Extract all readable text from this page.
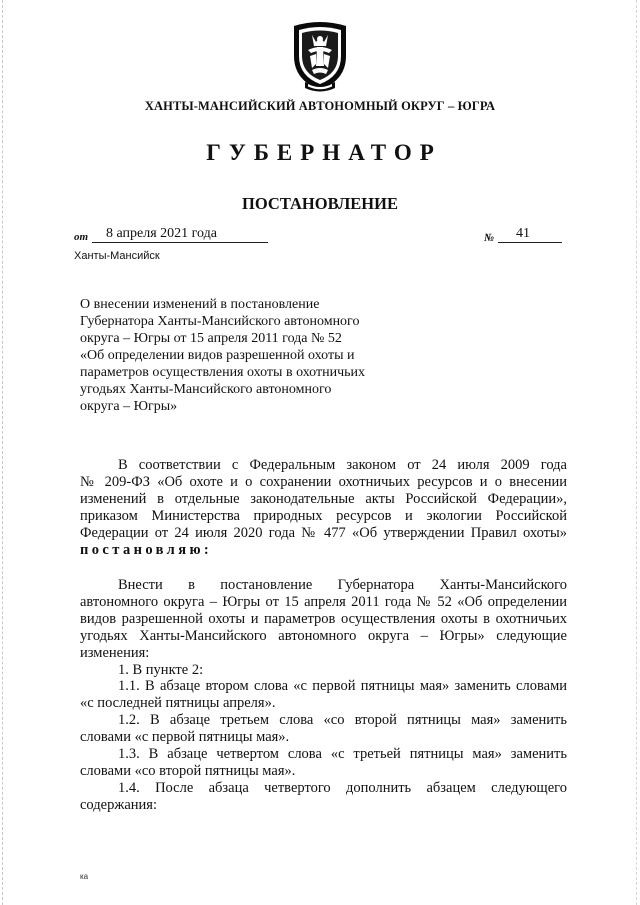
ХАНТЫ-МАНСИЙСКИЙ АВТОНОМНЫЙ ОКРУГ – ЮГРА
ГУБЕРНАТОР
ПОСТАНОВЛЕНИЕ
от 8 апреля 2021 года	№ 41
Ханты-Мансийск
О внесении изменений в постановление
Губернатора Ханты-Мансийского автономного
округа – Югры от 15 апреля 2011 года № 52
«Об определении видов разрешенной охоты и
параметров осуществления охоты в охотничьих
угодьях Ханты-Мансийского автономного
округа – Югры»
В соответствии с Федеральным законом от 24 июля 2009 года
№ 209-ФЗ «Об охоте и о сохранении охотничьих ресурсов и о внесении
изменений в отдельные законодательные акты Российской Федерации»,
приказом Министерства природных ресурсов и экологии Российской
Федерации от 24 июля 2020 года № 477 «Об утверждении Правил охоты»
постановляю:
Внести в постановление Губернатора Ханты-Мансийского
автономного округа – Югры от 15 апреля 2011 года № 52 «Об определении
видов разрешенной охоты и параметров осуществления охоты в охотничьих
угодьях Ханты-Мансийского автономного округа – Югры» следующие
изменения:
1. В пункте 2:
1.1. В абзаце втором слова «с первой пятницы мая» заменить словами
«с последней пятницы апреля».
1.2. В абзаце третьем слова «со второй пятницы мая» заменить
словами «с первой пятницы мая».
1.3. В абзаце четвертом слова «с третьей пятницы мая» заменить
словами «со второй пятницы мая».
1.4. После абзаца четвертого дополнить абзацем следующего
содержания:
ка
